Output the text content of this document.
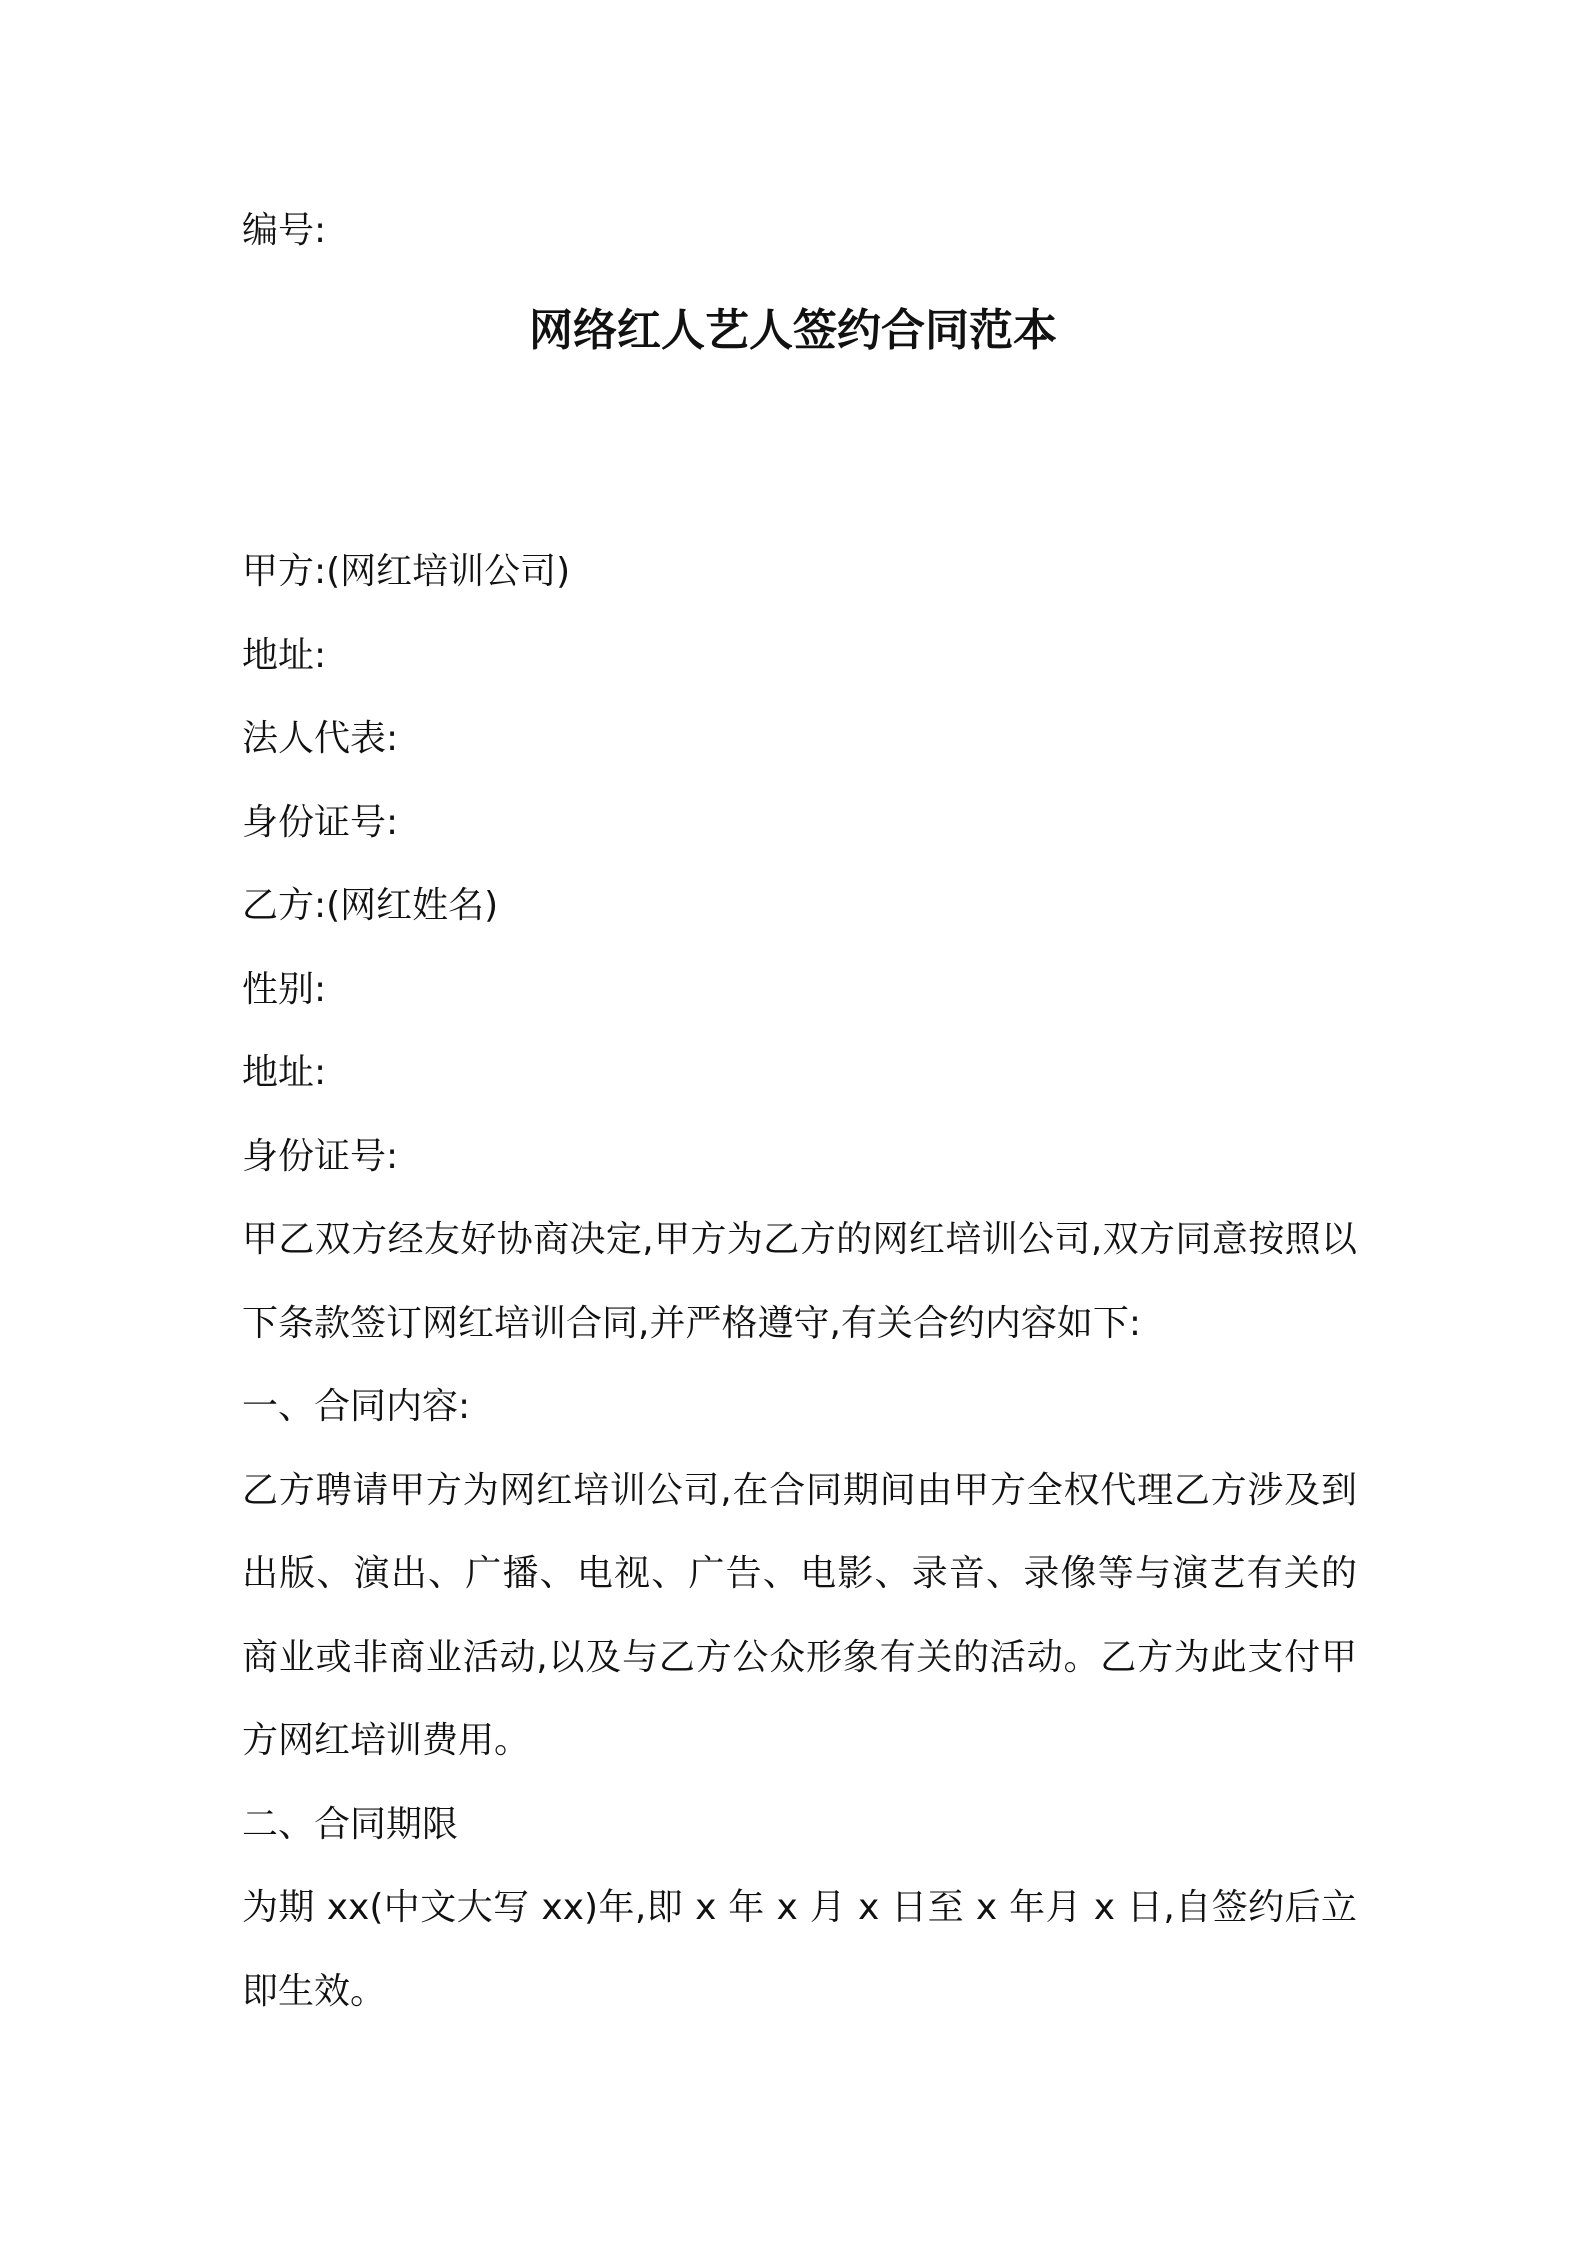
编号:

网络红人艺人签约合同范本

甲方:(网红培训公司)

地址:

法人代表:

身份证号:

乙方:(网红姓名)

性别:

地址:

身份证号:

甲乙双方经友好协商决定,甲方为乙方的网红培训公司,双方同意按照以下条款签订网红培训合同,并严格遵守,有关合约内容如下:

一、合同内容:

乙方聘请甲方为网红培训公司,在合同期间由甲方全权代理乙方涉及到出版、演出、广播、电视、广告、电影、录音、录像等与演艺有关的商业或非商业活动,以及与乙方公众形象有关的活动。乙方为此支付甲方网红培训费用。

二、合同期限

为期 xx(中文大写 xx)年,即 x 年 x 月 x 日至 x 年月 x 日,自签约后立即生效。
